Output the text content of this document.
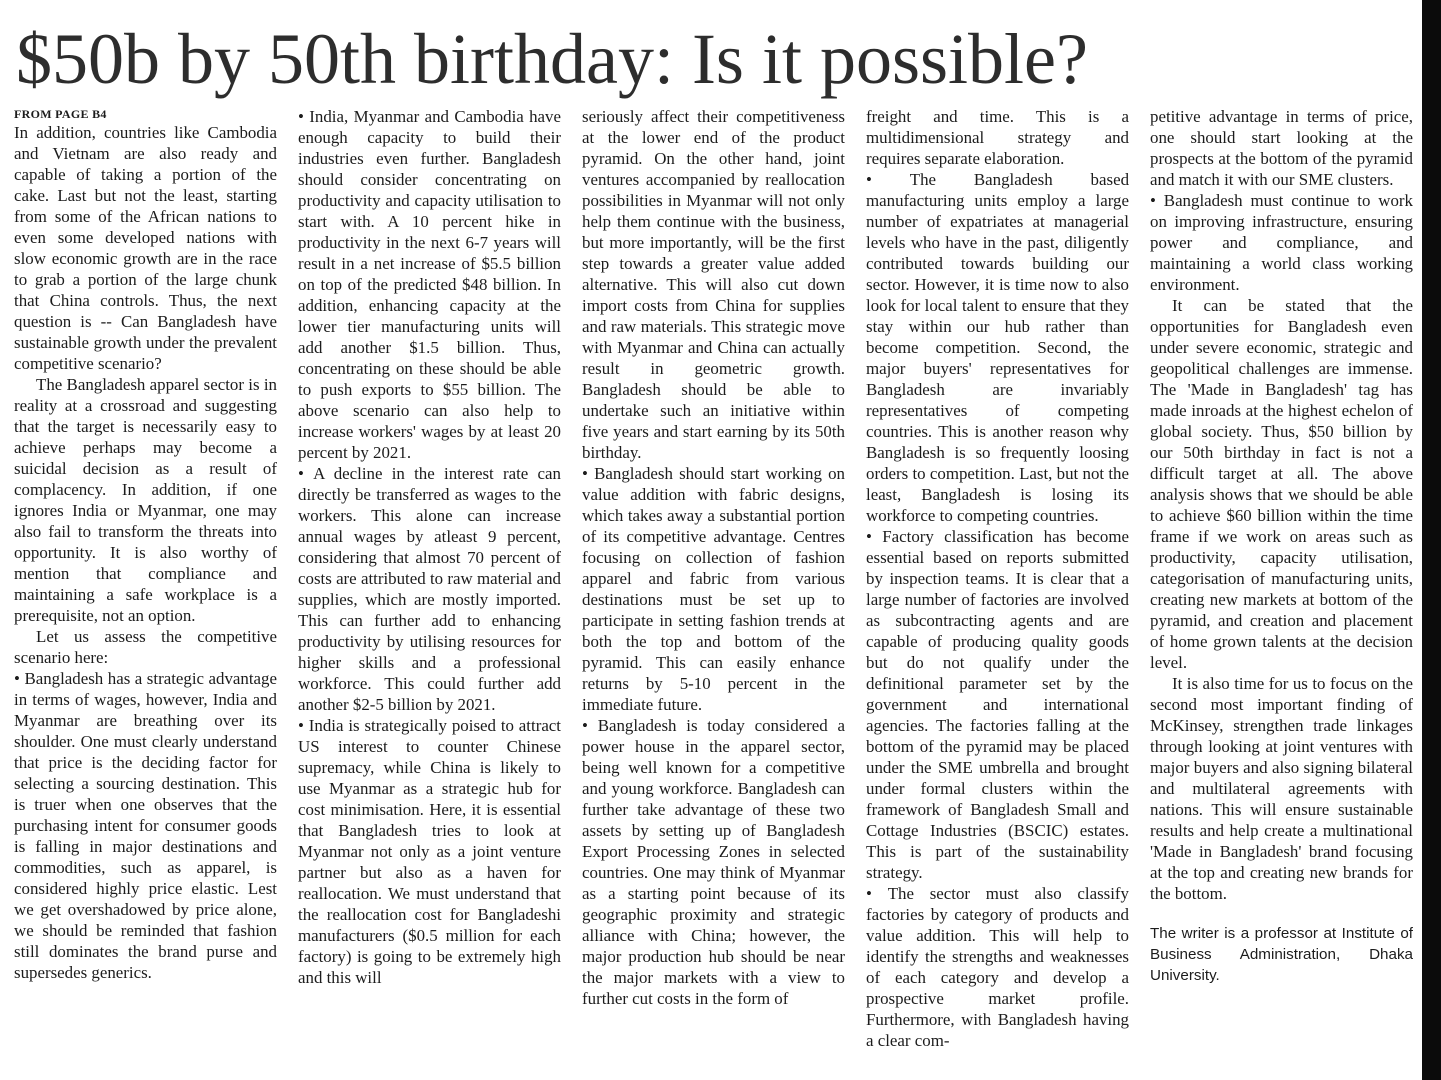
$50b by 50th birthday: Is it possible?

FROM PAGE B4

In addition, countries like Cambodia and Vietnam are also ready and capable of taking a portion of the cake. Last but not the least, starting from some of the African nations to even some developed nations with slow economic growth are in the race to grab a portion of the large chunk that China controls. Thus, the next question is -- Can Bangladesh have sustainable growth under the prevalent competitive scenario?

The Bangladesh apparel sector is in reality at a crossroad and suggesting that the target is necessarily easy to achieve perhaps may become a suicidal decision as a result of complacency. In addition, if one ignores India or Myanmar, one may also fail to transform the threats into opportunity. It is also worthy of mention that compliance and maintaining a safe workplace is a prerequisite, not an option.

Let us assess the competitive scenario here:

• Bangladesh has a strategic advantage in terms of wages, however, India and Myanmar are breathing over its shoulder. One must clearly understand that price is the deciding factor for selecting a sourcing destination. This is truer when one observes that the purchasing intent for consumer goods is falling in major destinations and commodities, such as apparel, is considered highly price elastic. Lest we get overshadowed by price alone, we should be reminded that fashion still dominates the brand purse and supersedes generics.

• India, Myanmar and Cambodia have enough capacity to build their industries even further. Bangladesh should consider concentrating on productivity and capacity utilisation to start with. A 10 percent hike in productivity in the next 6-7 years will result in a net increase of $5.5 billion on top of the predicted $48 billion. In addition, enhancing capacity at the lower tier manufacturing units will add another $1.5 billion. Thus, concentrating on these should be able to push exports to $55 billion. The above scenario can also help to increase workers' wages by at least 20 percent by 2021.

• A decline in the interest rate can directly be transferred as wages to the workers. This alone can increase annual wages by atleast 9 percent, considering that almost 70 percent of costs are attributed to raw material and supplies, which are mostly imported. This can further add to enhancing productivity by utilising resources for higher skills and a professional workforce. This could further add another $2-5 billion by 2021.

• India is strategically poised to attract US interest to counter Chinese supremacy, while China is likely to use Myanmar as a strategic hub for cost minimisation. Here, it is essential that Bangladesh tries to look at Myanmar not only as a joint venture partner but also as a haven for reallocation. We must understand that the reallocation cost for Bangladeshi manufacturers ($0.5 million for each factory) is going to be extremely high and this will

seriously affect their competitiveness at the lower end of the product pyramid. On the other hand, joint ventures accompanied by reallocation possibilities in Myanmar will not only help them continue with the business, but more importantly, will be the first step towards a greater value added alternative. This will also cut down import costs from China for supplies and raw materials. This strategic move with Myanmar and China can actually result in geometric growth. Bangladesh should be able to undertake such an initiative within five years and start earning by its 50th birthday.

• Bangladesh should start working on value addition with fabric designs, which takes away a substantial portion of its competitive advantage. Centres focusing on collection of fashion apparel and fabric from various destinations must be set up to participate in setting fashion trends at both the top and bottom of the pyramid. This can easily enhance returns by 5-10 percent in the immediate future.

• Bangladesh is today considered a power house in the apparel sector, being well known for a competitive and young workforce. Bangladesh can further take advantage of these two assets by setting up of Bangladesh Export Processing Zones in selected countries. One may think of Myanmar as a starting point because of its geographic proximity and strategic alliance with China; however, the major production hub should be near the major markets with a view to further cut costs in the form of

freight and time. This is a multidimensional strategy and requires separate elaboration.

• The Bangladesh based manufacturing units employ a large number of expatriates at managerial levels who have in the past, diligently contributed towards building our sector. However, it is time now to also look for local talent to ensure that they stay within our hub rather than become competition. Second, the major buyers' representatives for Bangladesh are invariably representatives of competing countries. This is another reason why Bangladesh is so frequently loosing orders to competition. Last, but not the least, Bangladesh is losing its workforce to competing countries.

• Factory classification has become essential based on reports submitted by inspection teams. It is clear that a large number of factories are involved as subcontracting agents and are capable of producing quality goods but do not qualify under the definitional parameter set by the government and international agencies. The factories falling at the bottom of the pyramid may be placed under the SME umbrella and brought under formal clusters within the framework of Bangladesh Small and Cottage Industries (BSCIC) estates. This is part of the sustainability strategy.

• The sector must also classify factories by category of products and value addition. This will help to identify the strengths and weaknesses of each category and develop a prospective market profile. Furthermore, with Bangladesh having a clear com-

petitive advantage in terms of price, one should start looking at the prospects at the bottom of the pyramid and match it with our SME clusters.

• Bangladesh must continue to work on improving infrastructure, ensuring power and compliance, and maintaining a world class working environment.

It can be stated that the opportunities for Bangladesh even under severe economic, strategic and geopolitical challenges are immense. The 'Made in Bangladesh' tag has made inroads at the highest echelon of global society. Thus, $50 billion by our 50th birthday in fact is not a difficult target at all. The above analysis shows that we should be able to achieve $60 billion within the time frame if we work on areas such as productivity, capacity utilisation, categorisation of manufacturing units, creating new markets at bottom of the pyramid, and creation and placement of home grown talents at the decision level.

It is also time for us to focus on the second most important finding of McKinsey, strengthen trade linkages through looking at joint ventures with major buyers and also signing bilateral and multilateral agreements with nations. This will ensure sustainable results and help create a multinational 'Made in Bangladesh' brand focusing at the top and creating new brands for the bottom.

The writer is a professor at Institute of Business Administration, Dhaka University.
